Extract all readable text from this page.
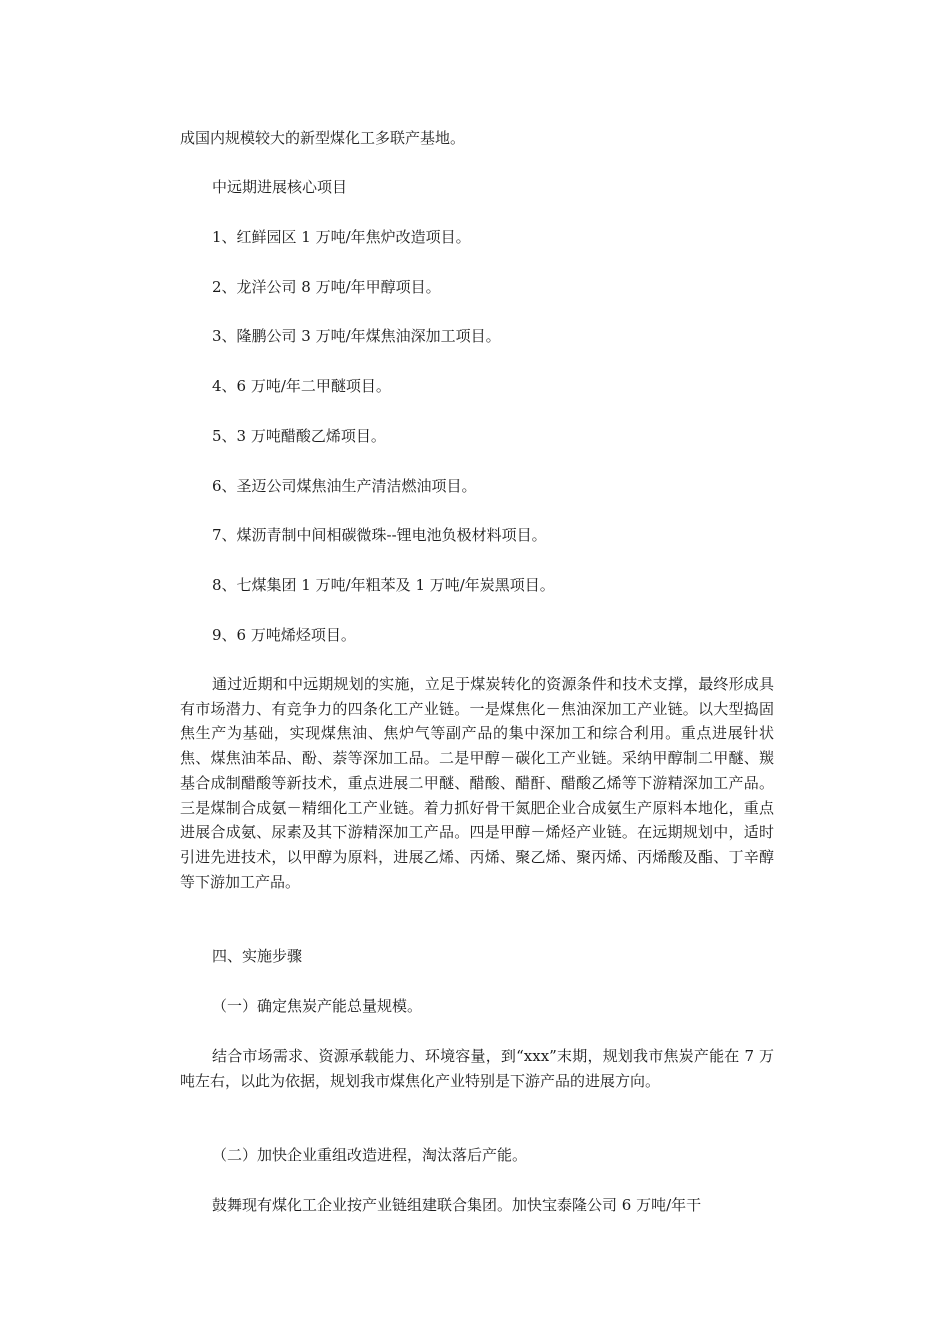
成国内规模较大的新型煤化工多联产基地。
中远期进展核心项目
1、红鲜园区 1 万吨/年焦炉改造项目。
2、龙洋公司 8 万吨/年甲醇项目。
3、隆鹏公司 3 万吨/年煤焦油深加工项目。
4、6 万吨/年二甲醚项目。
5、3 万吨醋酸乙烯项目。
6、圣迈公司煤焦油生产清洁燃油项目。
7、煤沥青制中间相碳微珠--锂电池负极材料项目。
8、七煤集团 1 万吨/年粗苯及 1 万吨/年炭黑项目。
9、6 万吨烯烃项目。
通过近期和中远期规划的实施，立足于煤炭转化的资源条件和技术支撑，最终形成具有市场潜力、有竞争力的四条化工产业链。一是煤焦化－焦油深加工产业链。以大型捣固焦生产为基础，实现煤焦油、焦炉气等副产品的集中深加工和综合利用。重点进展针状焦、煤焦油苯品、酚、萘等深加工品。二是甲醇－碳化工产业链。采纳甲醇制二甲醚、羰基合成制醋酸等新技术，重点进展二甲醚、醋酸、醋酐、醋酸乙烯等下游精深加工产品。三是煤制合成氨－精细化工产业链。着力抓好骨干氮肥企业合成氨生产原料本地化，重点进展合成氨、尿素及其下游精深加工产品。四是甲醇－烯烃产业链。在远期规划中，适时引进先进技术，以甲醇为原料，进展乙烯、丙烯、聚乙烯、聚丙烯、丙烯酸及酯、丁辛醇等下游加工产品。
四、实施步骤
（一）确定焦炭产能总量规模。
结合市场需求、资源承载能力、环境容量，到“xxx”末期，规划我市焦炭产能在 7 万吨左右，以此为依据，规划我市煤焦化产业特别是下游产品的进展方向。
（二）加快企业重组改造进程，淘汰落后产能。
鼓舞现有煤化工企业按产业链组建联合集团。加快宝泰隆公司 6 万吨/年干
